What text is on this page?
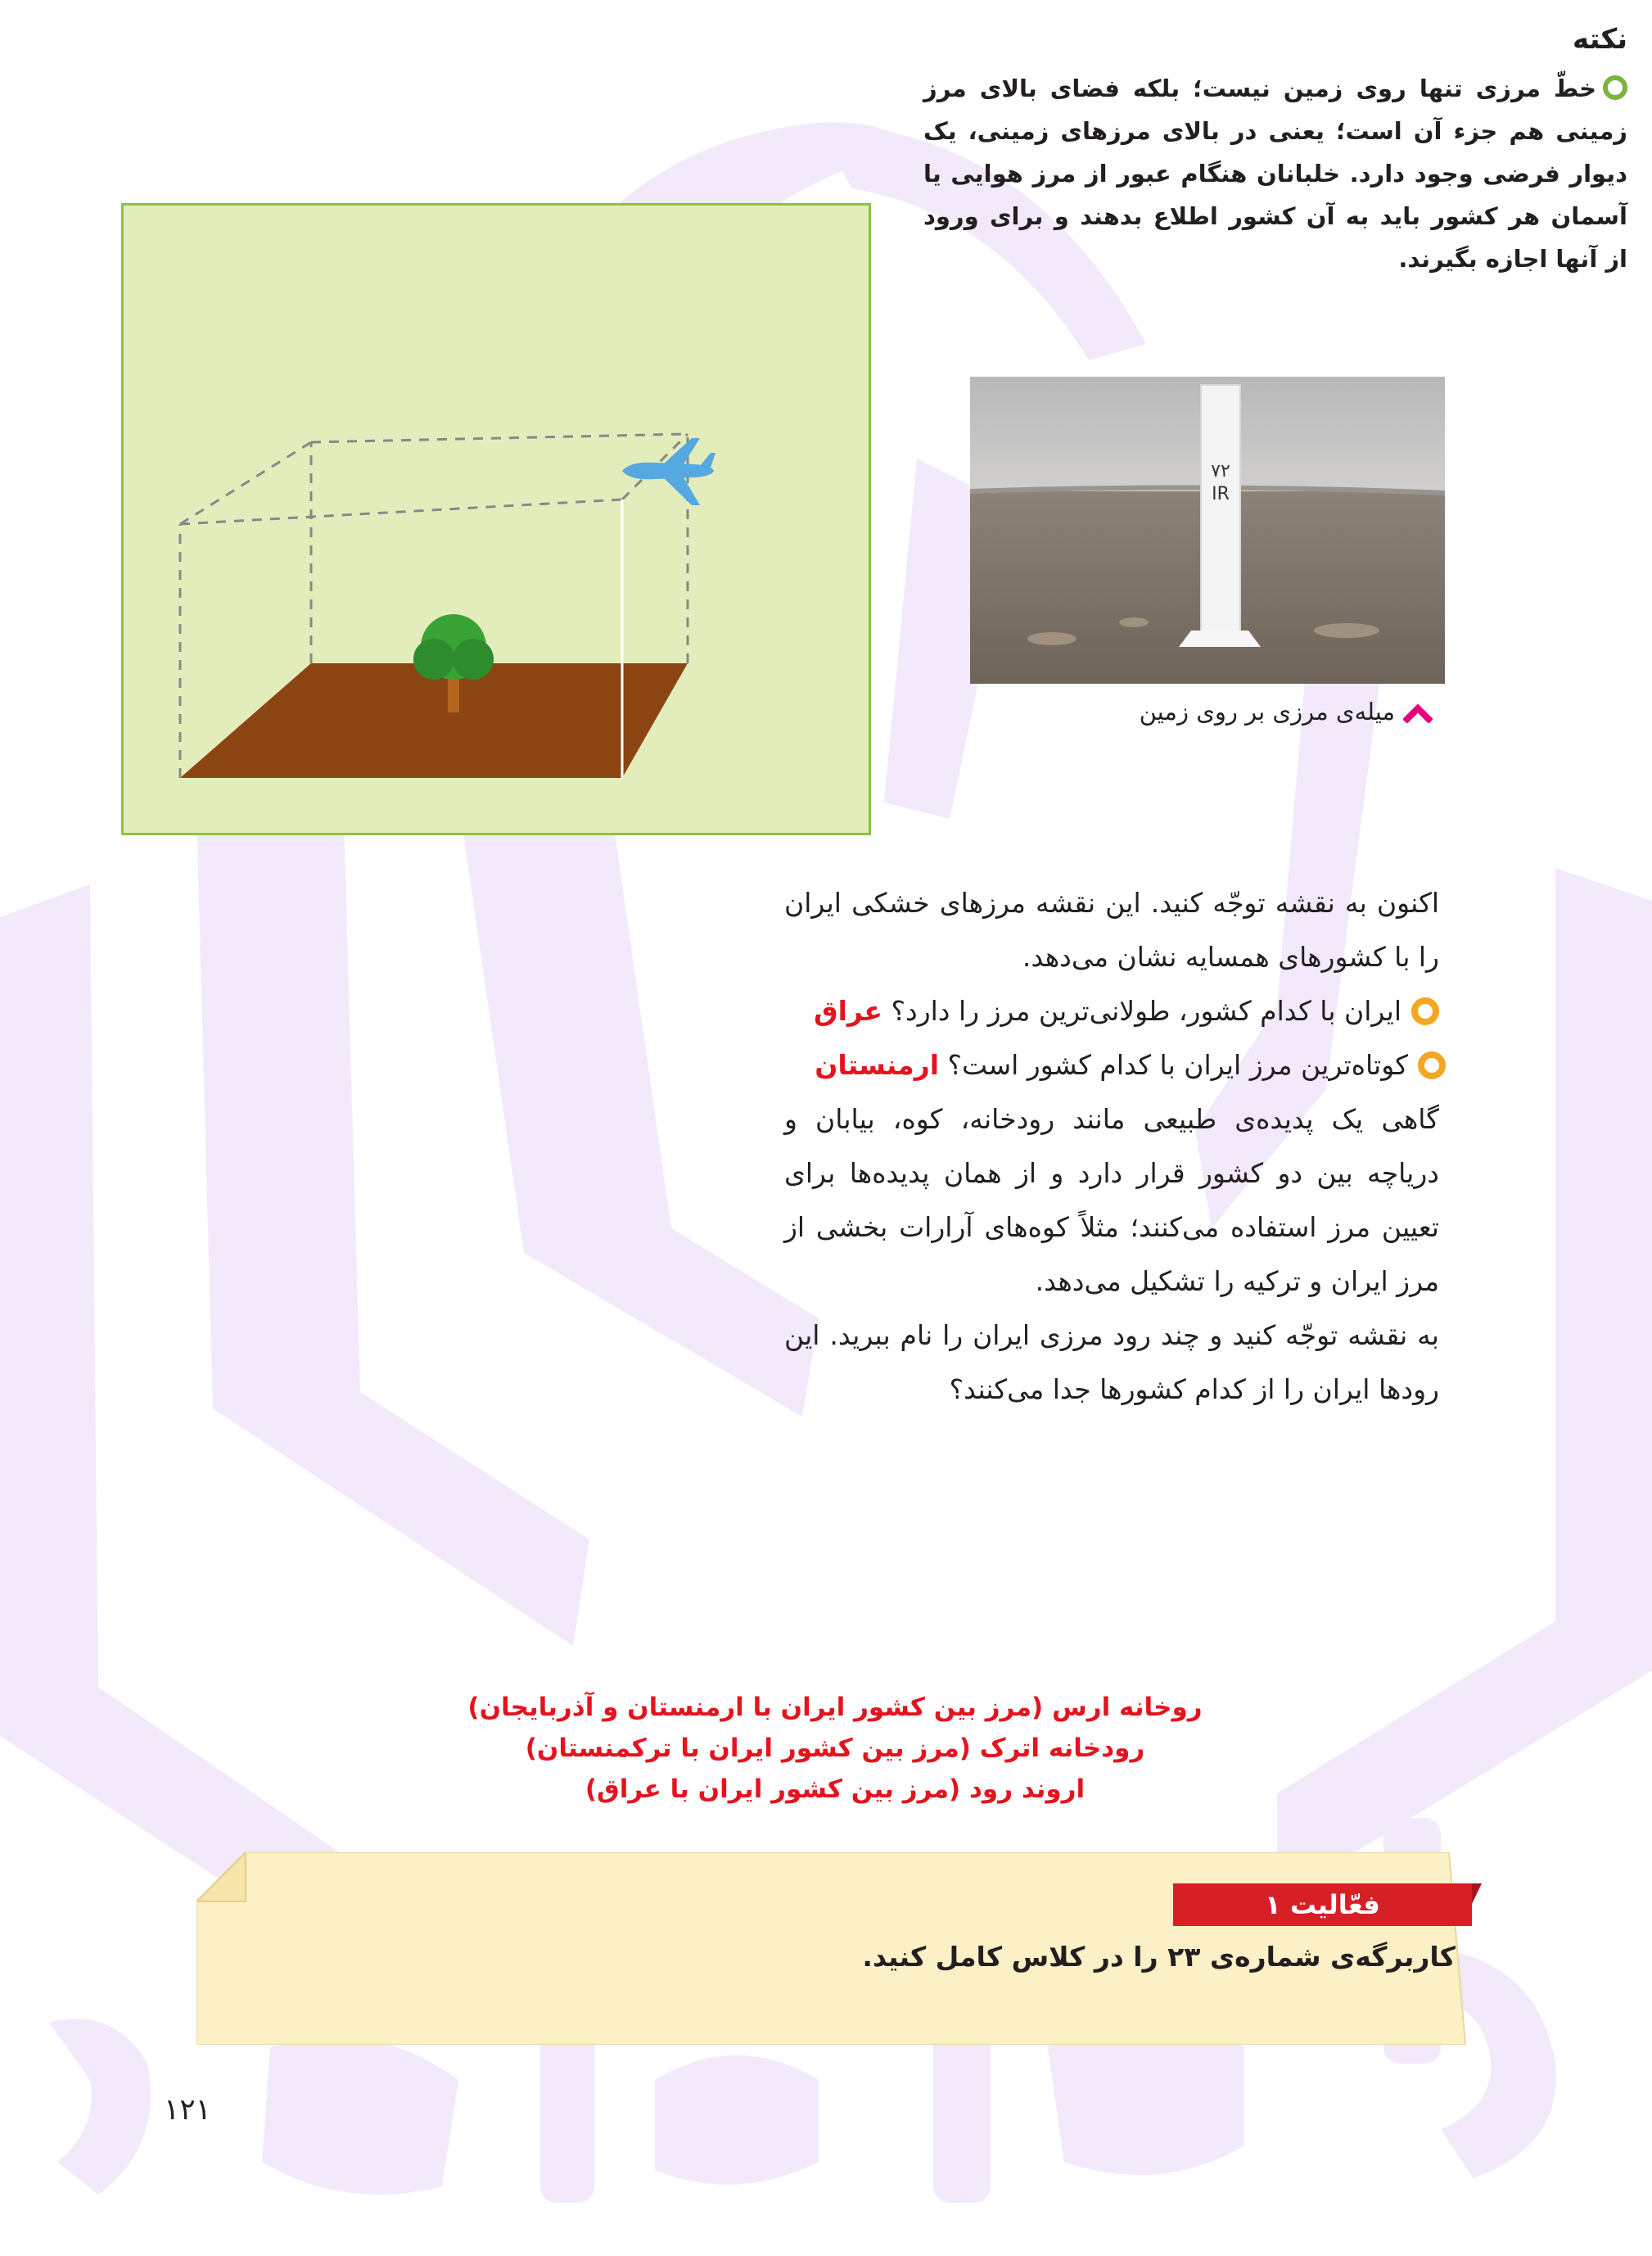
نکته
خطّ مرزی تنها روی زمین نیست؛ بلکه فضای بالای مرز زمینی هم جزء آن است؛ یعنی در بالای مرزهای زمینی، یک دیوار فرضی وجود دارد. خلبانان هنگام عبور از مرز هوایی یا آسمان هر کشور باید به آن کشور اطلاع بدهند و برای ورود از آنها اجازه بگیرند.
٧٢
IR
میله‌ی مرزی بر روی زمین
اکنون به نقشه توجّه کنید. این نقشه مرزهای خشکی ایران را با کشورهای همسایه نشان می‌دهد.
ایران با کدام کشور، طولانی‌ترین مرز را دارد؟ عراق
کوتاه‌ترین مرز ایران با کدام کشور است؟ ارمنستان
گاهی یک پدیده‌ی طبیعی مانند رودخانه، کوه، بیابان و دریاچه بین دو کشور قرار دارد و از همان پدیده‌ها برای تعیین مرز استفاده می‌کنند؛ مثلاً کوه‌های آرارات بخشی از مرز ایران و ترکیه را تشکیل می‌دهد.
به نقشه توجّه کنید و چند رود مرزی ایران را نام ببرید. این رودها ایران را از کدام کشورها جدا می‌کنند؟
روخانه ارس (مرز بین کشور ایران با ارمنستان و آذربایجان)
رودخانه اترک (مرز بین کشور ایران با ترکمنستان)
اروند رود (مرز بین کشور ایران با عراق)
فعّالیت ۱
کاربرگه‌ی شماره‌ی ۲۳ را در کلاس کامل کنید.
۱۲۱
